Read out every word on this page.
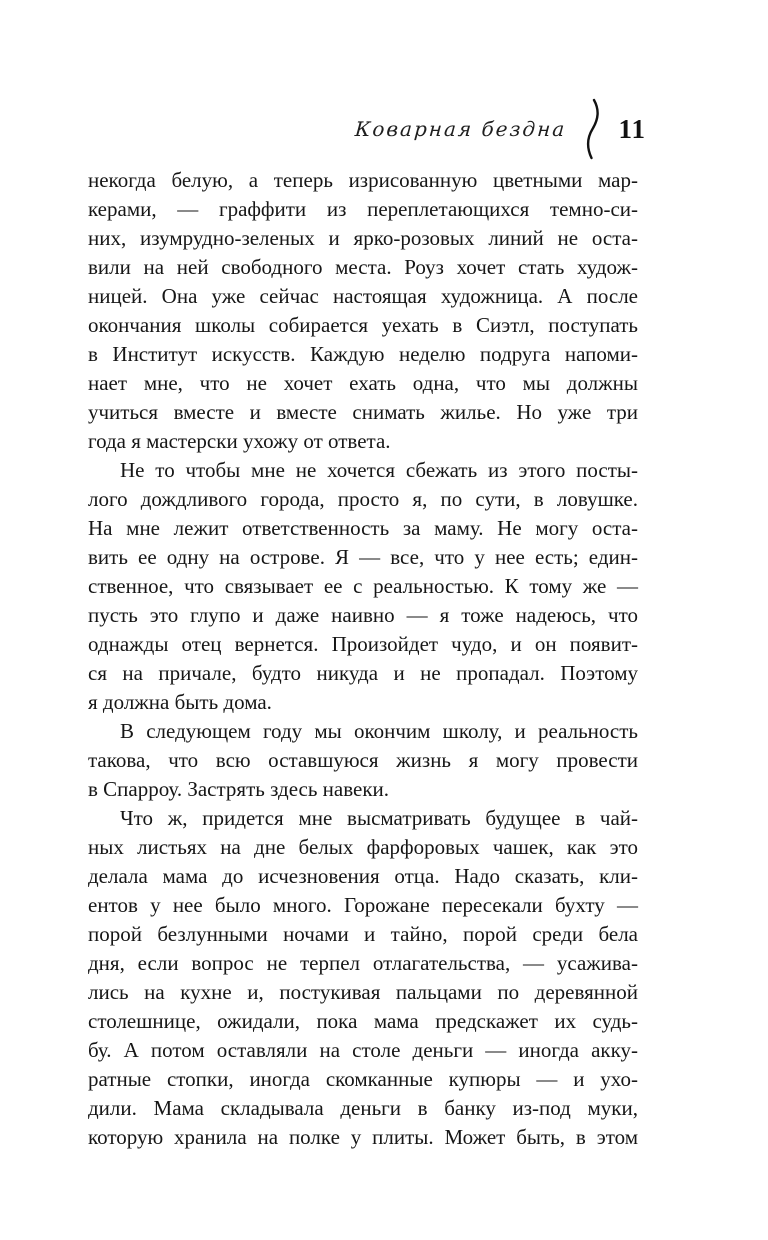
Коварная бездна 11
некогда белую, а теперь изрисованную цветными мар-
керами, — граффити из переплетающихся темно-си-
них, изумрудно-зеленых и ярко-розовых линий не оста-
вили на ней свободного места. Роуз хочет стать худож-
ницей. Она уже сейчас настоящая художница. А после
окончания школы собирается уехать в Сиэтл, поступать
в Институт искусств. Каждую неделю подруга напоми-
нает мне, что не хочет ехать одна, что мы должны
учиться вместе и вместе снимать жилье. Но уже три
года я мастерски ухожу от ответа.
Не то чтобы мне не хочется сбежать из этого посты-
лого дождливого города, просто я, по сути, в ловушке.
На мне лежит ответственность за маму. Не могу оста-
вить ее одну на острове. Я — все, что у нее есть; един-
ственное, что связывает ее с реальностью. К тому же —
пусть это глупо и даже наивно — я тоже надеюсь, что
однажды отец вернется. Произойдет чудо, и он появит-
ся на причале, будто никуда и не пропадал. Поэтому
я должна быть дома.
В следующем году мы окончим школу, и реальность
такова, что всю оставшуюся жизнь я могу провести
в Спарроу. Застрять здесь навеки.
Что ж, придется мне высматривать будущее в чай-
ных листьях на дне белых фарфоровых чашек, как это
делала мама до исчезновения отца. Надо сказать, кли-
ентов у нее было много. Горожане пересекали бухту —
порой безлунными ночами и тайно, порой среди бела
дня, если вопрос не терпел отлагательства, — усажива-
лись на кухне и, постукивая пальцами по деревянной
столешнице, ожидали, пока мама предскажет их судь-
бу. А потом оставляли на столе деньги — иногда акку-
ратные стопки, иногда скомканные купюры — и ухо-
дили. Мама складывала деньги в банку из-под муки,
которую хранила на полке у плиты. Может быть, в этом
